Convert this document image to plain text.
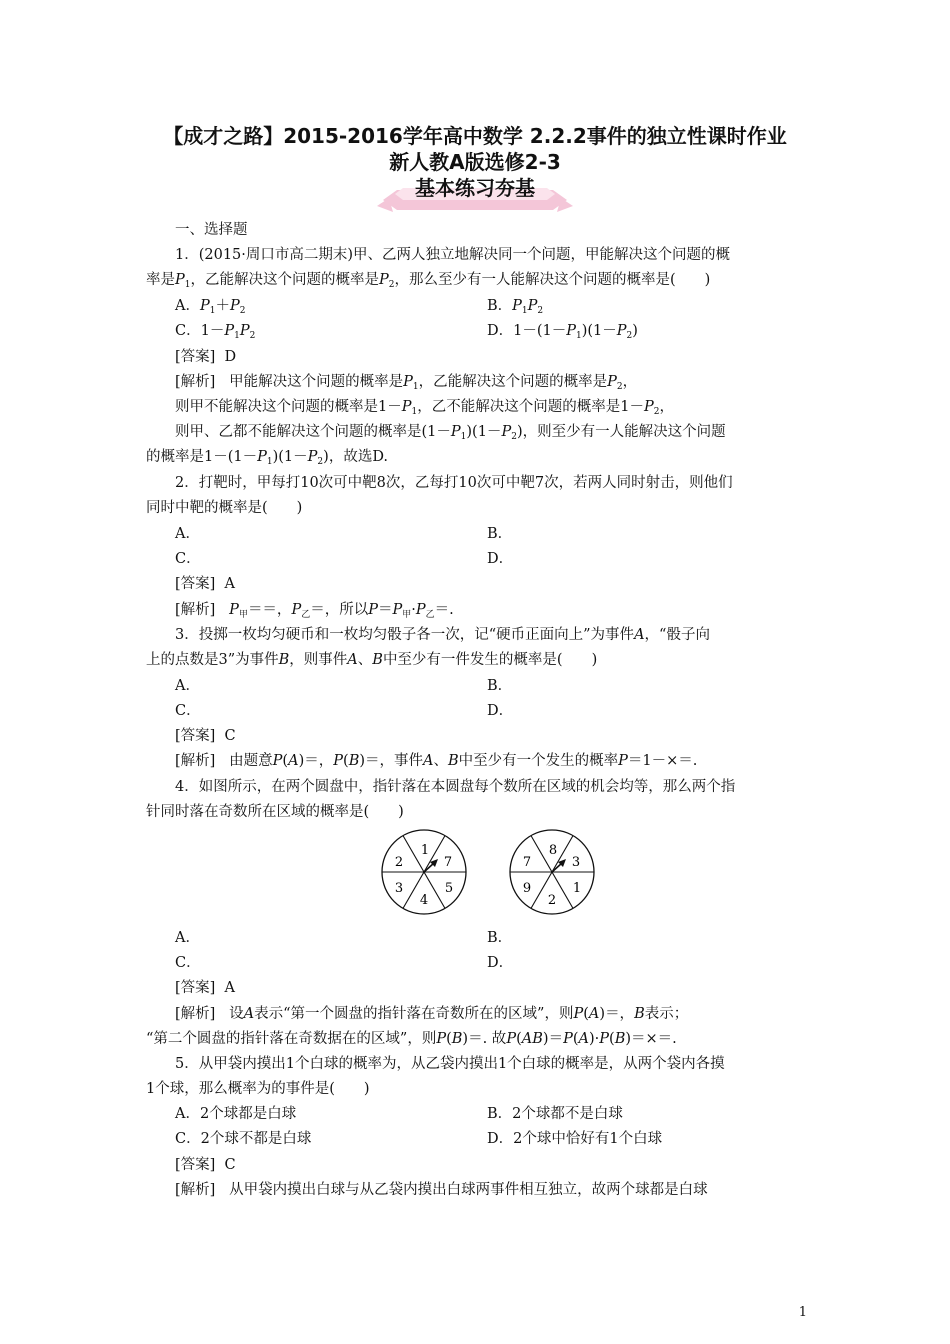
【成才之路】2015-2016学年高中数学 2.2.2事件的独立性课时作业
新人教A版选修2-3
基本练习夯基
一、选择题
1．(2015·周口市高二期末)甲、乙两人独立地解决同一个问题，甲能解决这个问题的概
率是$P_1$，乙能解决这个问题的概率是$P_2$，那么至少有一人能解决这个问题的概率是(　　)
A．$P_1+P_2$	B．$P_1P_2$
C．$1-P_1P_2$	D．$1-(1-P_1)(1-P_2)$
[答案] D
[解析] 甲能解决这个问题的概率是$P_1$，乙能解决这个问题的概率是$P_2$，
则甲不能解决这个问题的概率是$1-P_1$，乙不能解决这个问题的概率是$1-P_2$，
则甲、乙都不能解决这个问题的概率是$(1-P_1)(1-P_2)$，则至少有一人能解决这个问题
的概率是$1-(1-P_1)(1-P_2)$，故选D.
2．打靶时，甲每打10次可中靶8次，乙每打10次可中靶7次，若两人同时射击，则他们
同时中靶的概率是(　　)
A．	B．
C．	D．
[答案] A
[解析] $P_甲==$，$P_乙=$，所以$P=P_甲\cdot P_乙=$.
3．投掷一枚均匀硬币和一枚均匀骰子各一次，记“硬币正面向上”为事件A，“骰子向
上的点数是3”为事件B，则事件A、B中至少有一件发生的概率是(　　)
A．	B．
C．	D．
[答案] C
[解析] 由题意P(A)＝，P(B)＝，事件A、B中至少有一个发生的概率P＝1－×＝.
4．如图所示，在两个圆盘中，指针落在本圆盘每个数所在区域的机会均等，那么两个指
针同时落在奇数所在区域的概率是(　　)
1
7
5
4
3
2
8
3
1
2
9
7
A．	B．
C．	D．
[答案] A
[解析] 设A表示“第一个圆盘的指针落在奇数所在的区域”，则P(A)＝，B表示；
“第二个圆盘的指针落在奇数据在的区域”，则P(B)＝. 故P(AB)＝P(A)·P(B)＝×＝.
5．从甲袋内摸出1个白球的概率为，从乙袋内摸出1个白球的概率是，从两个袋内各摸
1个球，那么概率为的事件是(　　)
A．2个球都是白球	B．2个球都不是白球
C．2个球不都是白球	D．2个球中恰好有1个白球
[答案] C
[解析] 从甲袋内摸出白球与从乙袋内摸出白球两事件相互独立，故两个球都是白球
1
